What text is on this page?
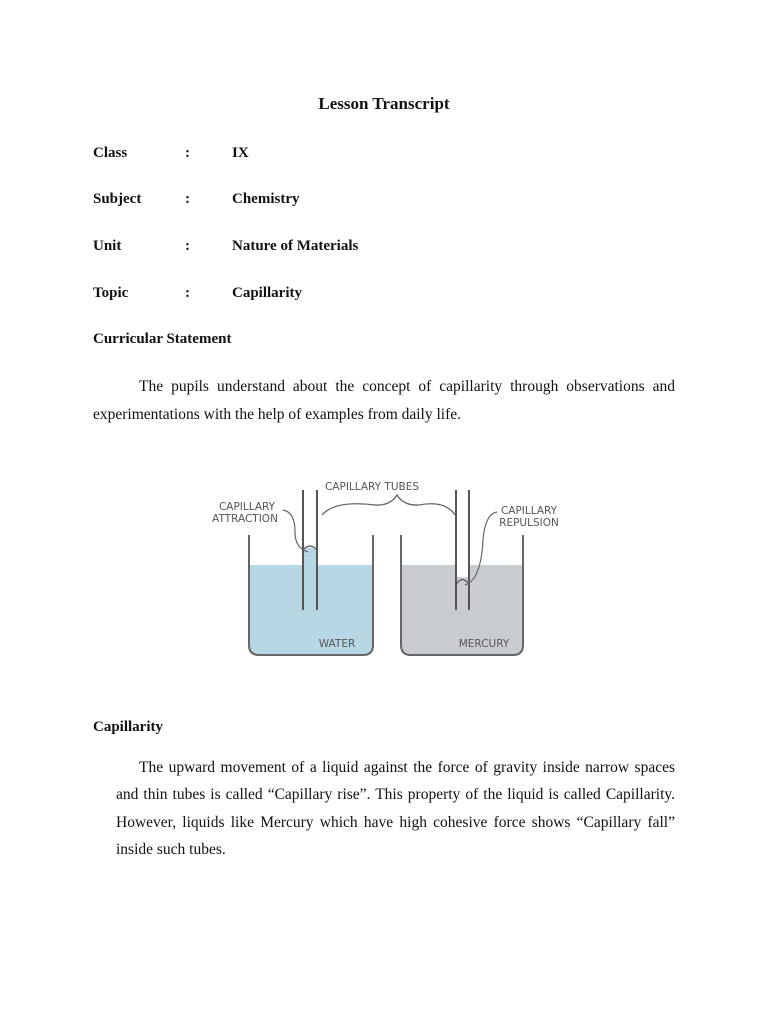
Lesson Transcript
Class	:	IX
Subject	:	Chemistry
Unit	:	Nature of Materials
Topic	:	Capillarity
Curricular Statement

The pupils understand about the concept of capillarity through observations and experimentations with the help of examples from daily life.

CAPILLARY TUBES
CAPILLARY
ATTRACTION
CAPILLARY
REPULSION
WATER	MERCURY
Capillarity

The upward movement of a liquid against the force of gravity inside narrow spaces and thin tubes is called “Capillary rise”. This property of the liquid is called Capillarity. However, liquids like Mercury which have high cohesive force shows “Capillary fall” inside such tubes.
